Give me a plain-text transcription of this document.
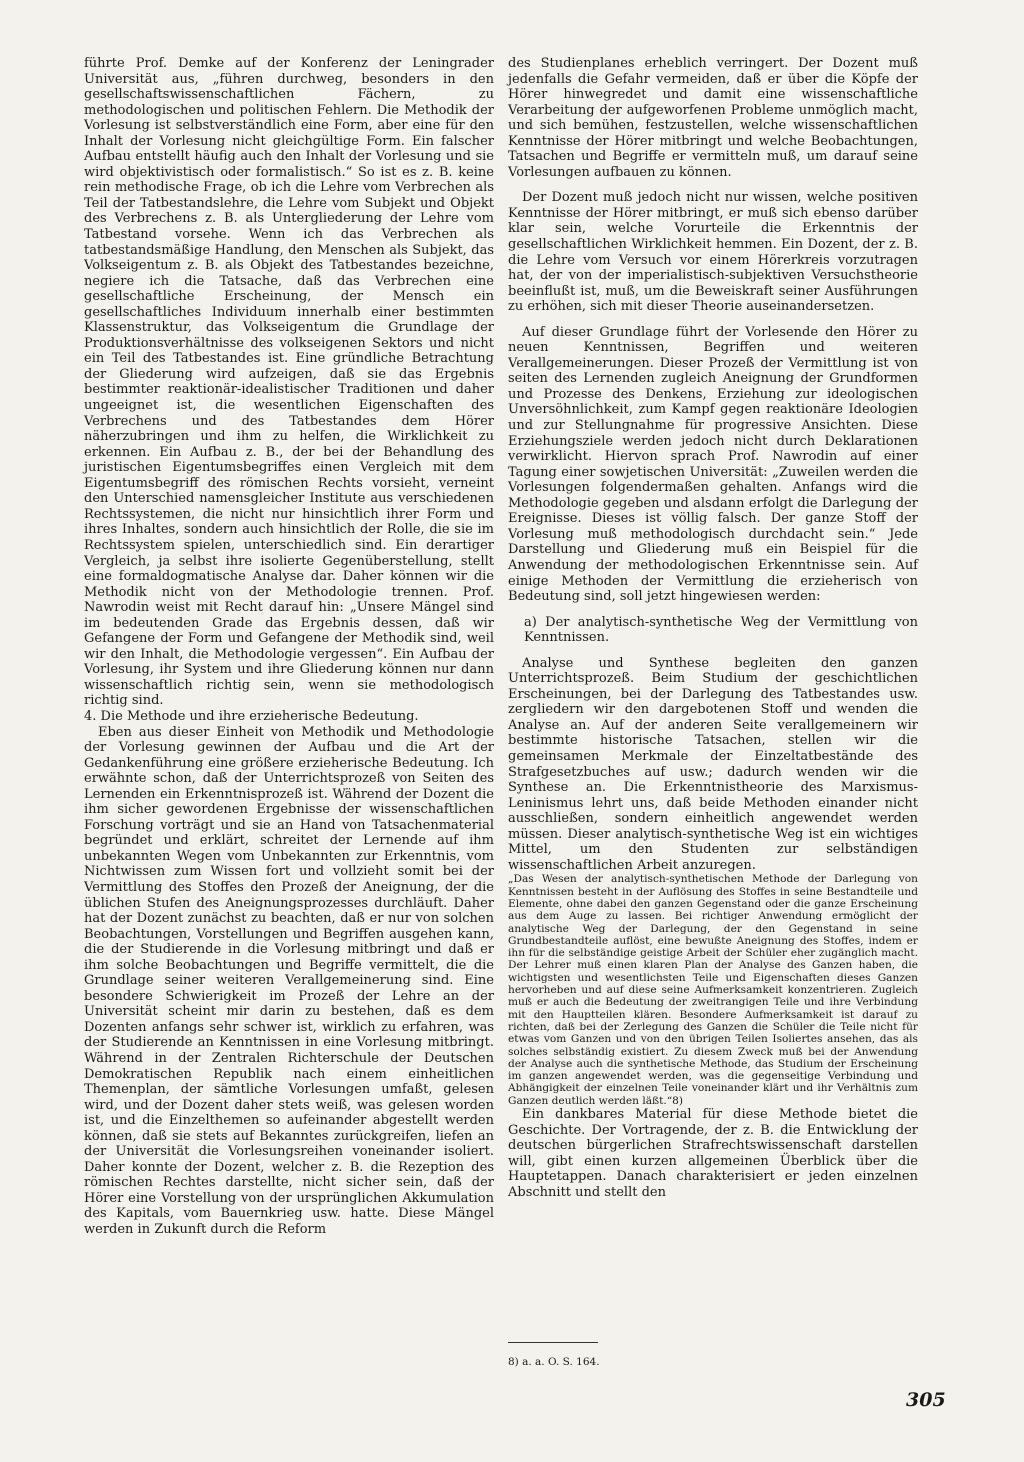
führte Prof. Demke auf der Konferenz der Leningrader Universität aus, „führen durchweg, besonders in den gesellschaftswissenschaftlichen Fächern, zu methodologischen und politischen Fehlern. Die Methodik der Vorlesung ist selbstverständlich eine Form, aber eine für den Inhalt der Vorlesung nicht gleichgültige Form. Ein falscher Aufbau entstellt häufig auch den Inhalt der Vorlesung und sie wird objektivistisch oder formalistisch.“ So ist es z. B. keine rein methodische Frage, ob ich die Lehre vom Verbrechen als Teil der Tatbestandslehre, die Lehre vom Subjekt und Objekt des Verbrechens z. B. als Untergliederung der Lehre vom Tatbestand vorsehe. Wenn ich das Verbrechen als tatbestandsmäßige Handlung, den Menschen als Subjekt, das Volkseigentum z. B. als Objekt des Tatbestandes bezeichne, negiere ich die Tatsache, daß das Verbrechen eine gesellschaftliche Erscheinung, der Mensch ein gesellschaftliches Individuum innerhalb einer bestimmten Klassenstruktur, das Volkseigentum die Grundlage der Produktionsverhältnisse des volkseigenen Sektors und nicht ein Teil des Tatbestandes ist. Eine gründliche Betrachtung der Gliederung wird aufzeigen, daß sie das Ergebnis bestimmter reaktionär-idealistischer Traditionen und daher ungeeignet ist, die wesentlichen Eigenschaften des Verbrechens und des Tatbestandes dem Hörer näherzubringen und ihm zu helfen, die Wirklichkeit zu erkennen. Ein Aufbau z. B., der bei der Behandlung des juristischen Eigentumsbegriffes einen Vergleich mit dem Eigentumsbegriff des römischen Rechts vorsieht, verneint den Unterschied namensgleicher Institute aus verschiedenen Rechtssystemen, die nicht nur hinsichtlich ihrer Form und ihres Inhaltes, sondern auch hinsichtlich der Rolle, die sie im Rechtssystem spielen, unterschiedlich sind. Ein derartiger Vergleich, ja selbst ihre isolierte Gegenüberstellung, stellt eine formaldogmatische Analyse dar. Daher können wir die Methodik nicht von der Methodologie trennen. Prof. Nawrodin weist mit Recht darauf hin: „Unsere Mängel sind im bedeutenden Grade das Ergebnis dessen, daß wir Gefangene der Form und Gefangene der Methodik sind, weil wir den Inhalt, die Methodologie vergessen“. Ein Aufbau der Vorlesung, ihr System und ihre Gliederung können nur dann wissenschaftlich richtig sein, wenn sie methodologisch richtig sind.

4. Die Methode und ihre erzieherische Bedeutung.

Eben aus dieser Einheit von Methodik und Methodologie der Vorlesung gewinnen der Aufbau und die Art der Gedankenführung eine größere erzieherische Bedeutung. Ich erwähnte schon, daß der Unterrichtsprozeß von Seiten des Lernenden ein Erkenntnisprozeß ist. Während der Dozent die ihm sicher gewordenen Ergebnisse der wissenschaftlichen Forschung vorträgt und sie an Hand von Tatsachenmaterial begründet und erklärt, schreitet der Lernende auf ihm unbekannten Wegen vom Unbekannten zur Erkenntnis, vom Nichtwissen zum Wissen fort und vollzieht somit bei der Vermittlung des Stoffes den Prozeß der Aneignung, der die üblichen Stufen des Aneignungsprozesses durchläuft. Daher hat der Dozent zunächst zu beachten, daß er nur von solchen Beobachtungen, Vorstellungen und Begriffen ausgehen kann, die der Studierende in die Vorlesung mitbringt und daß er ihm solche Beobachtungen und Begriffe vermittelt, die die Grundlage seiner weiteren Verallgemeinerung sind. Eine besondere Schwierigkeit im Prozeß der Lehre an der Universität scheint mir darin zu bestehen, daß es dem Dozenten anfangs sehr schwer ist, wirklich zu erfahren, was der Studierende an Kenntnissen in eine Vorlesung mitbringt. Während in der Zentralen Richterschule der Deutschen Demokratischen Republik nach einem einheitlichen Themenplan, der sämtliche Vorlesungen umfaßt, gelesen wird, und der Dozent daher stets weiß, was gelesen worden ist, und die Einzelthemen so aufeinander abgestellt werden können, daß sie stets auf Bekanntes zurückgreifen, liefen an der Universität die Vorlesungsreihen voneinander isoliert. Daher konnte der Dozent, welcher z. B. die Rezeption des römischen Rechtes darstellte, nicht sicher sein, daß der Hörer eine Vorstellung von der ursprünglichen Akkumulation des Kapitals, vom Bauernkrieg usw. hatte. Diese Mängel werden in Zukunft durch die Reform

des Studienplanes erheblich verringert. Der Dozent muß jedenfalls die Gefahr vermeiden, daß er über die Köpfe der Hörer hinwegredet und damit eine wissenschaftliche Verarbeitung der aufgeworfenen Probleme unmöglich macht, und sich bemühen, festzustellen, welche wissenschaftlichen Kenntnisse der Hörer mitbringt und welche Beobachtungen, Tatsachen und Begriffe er vermitteln muß, um darauf seine Vorlesungen aufbauen zu können.

Der Dozent muß jedoch nicht nur wissen, welche positiven Kenntnisse der Hörer mitbringt, er muß sich ebenso darüber klar sein, welche Vorurteile die Erkenntnis der gesellschaftlichen Wirklichkeit hemmen. Ein Dozent, der z. B. die Lehre vom Versuch vor einem Hörerkreis vorzutragen hat, der von der imperialistisch-subjektiven Versuchstheorie beeinflußt ist, muß, um die Beweiskraft seiner Ausführungen zu erhöhen, sich mit dieser Theorie auseinandersetzen.

Auf dieser Grundlage führt der Vorlesende den Hörer zu neuen Kenntnissen, Begriffen und weiteren Verallgemeinerungen. Dieser Prozeß der Vermittlung ist von seiten des Lernenden zugleich Aneignung der Grundformen und Prozesse des Denkens, Erziehung zur ideologischen Unversöhnlichkeit, zum Kampf gegen reaktionäre Ideologien und zur Stellungnahme für progressive Ansichten. Diese Erziehungsziele werden jedoch nicht durch Deklarationen verwirklicht. Hiervon sprach Prof. Nawrodin auf einer Tagung einer sowjetischen Universität: „Zuweilen werden die Vorlesungen folgendermaßen gehalten. Anfangs wird die Methodologie gegeben und alsdann erfolgt die Darlegung der Ereignisse. Dieses ist völlig falsch. Der ganze Stoff der Vorlesung muß methodologisch durchdacht sein.“ Jede Darstellung und Gliederung muß ein Beispiel für die Anwendung der methodologischen Erkenntnisse sein. Auf einige Methoden der Vermittlung die erzieherisch von Bedeutung sind, soll jetzt hingewiesen werden:

a) Der analytisch-synthetische Weg der Vermittlung von Kenntnissen.

Analyse und Synthese begleiten den ganzen Unterrichtsprozeß. Beim Studium der geschichtlichen Erscheinungen, bei der Darlegung des Tatbestandes usw. zergliedern wir den dargebotenen Stoff und wenden die Analyse an. Auf der anderen Seite verallgemeinern wir bestimmte historische Tatsachen, stellen wir die gemeinsamen Merkmale der Einzeltatbestände des Strafgesetzbuches auf usw.; dadurch wenden wir die Synthese an. Die Erkenntnistheorie des Marxismus-Leninismus lehrt uns, daß beide Methoden einander nicht ausschließen, sondern einheitlich angewendet werden müssen. Dieser analytisch-synthetische Weg ist ein wichtiges Mittel, um den Studenten zur selbständigen wissenschaftlichen Arbeit anzuregen.

„Das Wesen der analytisch-synthetischen Methode der Darlegung von Kenntnissen besteht in der Auflösung des Stoffes in seine Bestandteile und Elemente, ohne dabei den ganzen Gegenstand oder die ganze Erscheinung aus dem Auge zu lassen. Bei richtiger Anwendung ermöglicht der analytische Weg der Darlegung, der den Gegenstand in seine Grundbestandteile auflöst, eine bewußte Aneignung des Stoffes, indem er ihn für die selbständige geistige Arbeit der Schüler eher zugänglich macht. Der Lehrer muß einen klaren Plan der Analyse des Ganzen haben, die wichtigsten und wesentlichsten Teile und Eigenschaften dieses Ganzen hervorheben und auf diese seine Aufmerksamkeit konzentrieren. Zugleich muß er auch die Bedeutung der zweitrangigen Teile und ihre Verbindung mit den Hauptteilen klären. Besondere Aufmerksamkeit ist darauf zu richten, daß bei der Zerlegung des Ganzen die Schüler die Teile nicht für etwas vom Ganzen und von den übrigen Teilen Isoliertes ansehen, das als solches selbständig existiert. Zu diesem Zweck muß bei der Anwendung der Analyse auch die synthetische Methode, das Studium der Erscheinung im ganzen angewendet werden, was die gegenseitige Verbindung und Abhängigkeit der einzelnen Teile voneinander klärt und ihr Verhältnis zum Ganzen deutlich werden läßt.“8)

Ein dankbares Material für diese Methode bietet die Geschichte. Der Vortragende, der z. B. die Entwicklung der deutschen bürgerlichen Strafrechtswissenschaft darstellen will, gibt einen kurzen allgemeinen Überblick über die Hauptetappen. Danach charakterisiert er jeden einzelnen Abschnitt und stellt den

8) a. a. O. S. 164.
305
